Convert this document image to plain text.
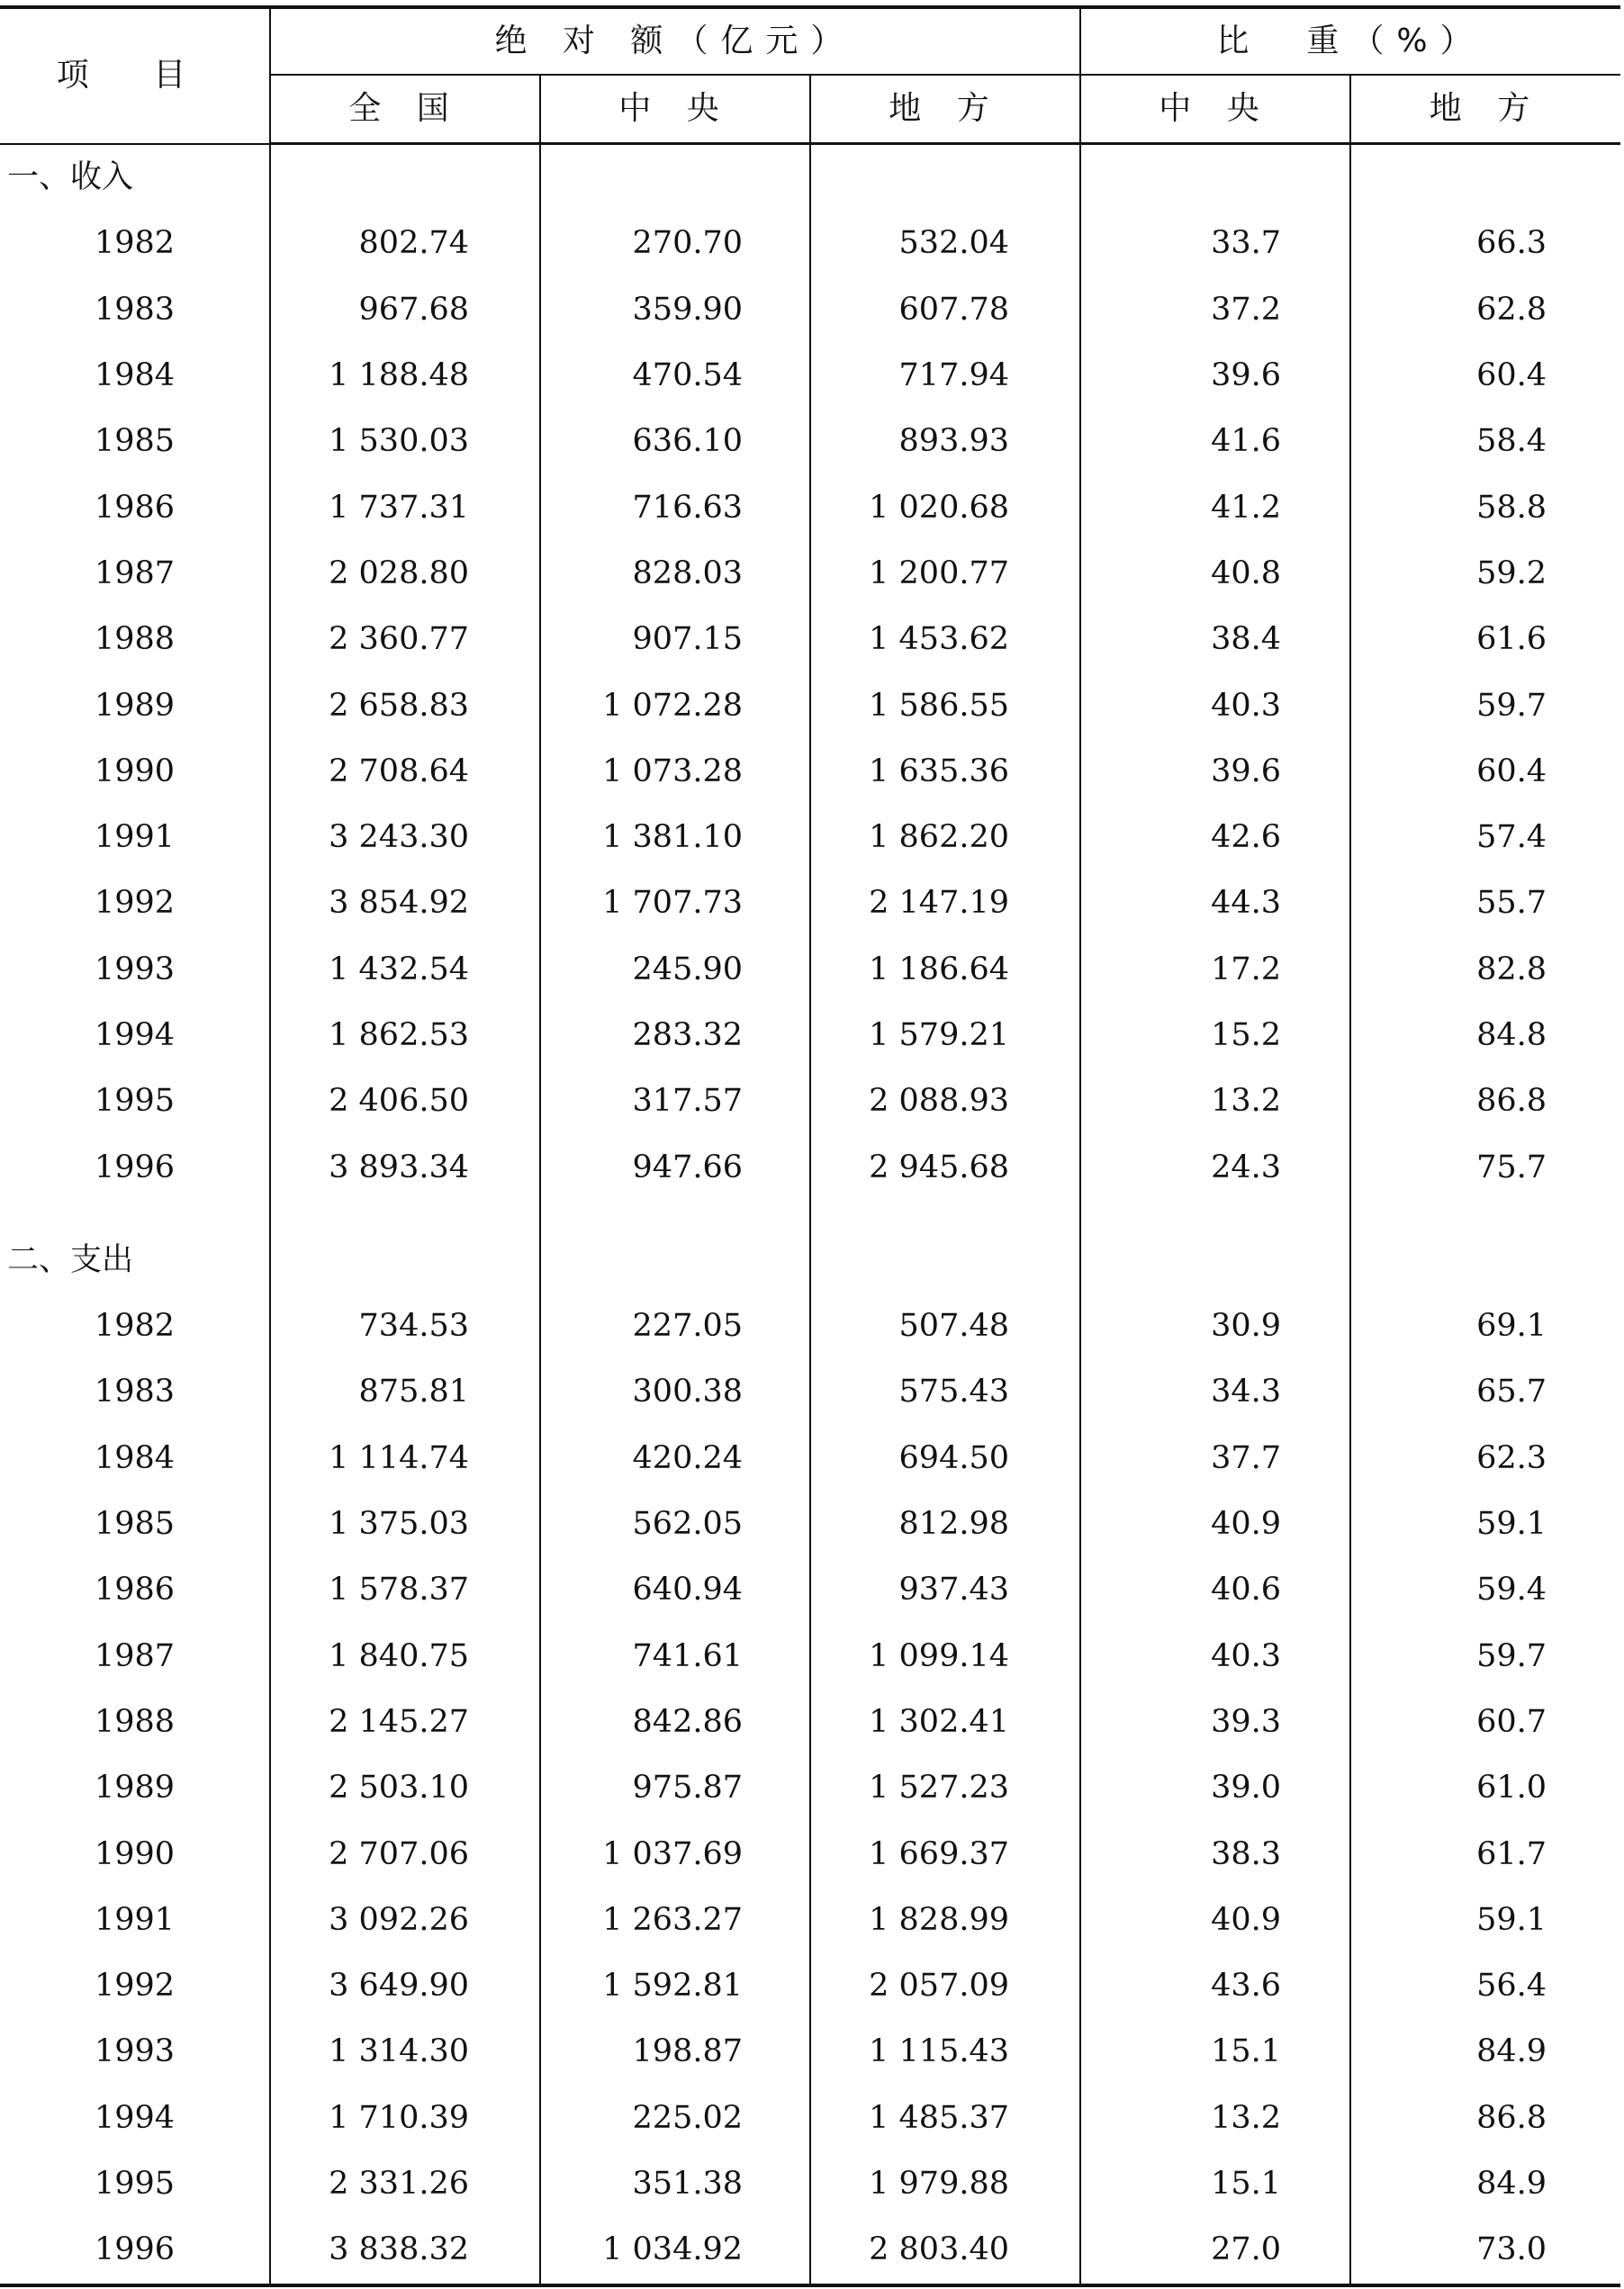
项 目	绝 对 额（亿元）			比　重（%）	
	全 国	中 央	地 方	中 央	地 方
一、收入					
1982	802.74	270.70	532.04	33.7	66.3
1983	967.68	359.90	607.78	37.2	62.8
1984	1 188.48	470.54	717.94	39.6	60.4
1985	1 530.03	636.10	893.93	41.6	58.4
1986	1 737.31	716.63	1 020.68	41.2	58.8
1987	2 028.80	828.03	1 200.77	40.8	59.2
1988	2 360.77	907.15	1 453.62	38.4	61.6
1989	2 658.83	1 072.28	1 586.55	40.3	59.7
1990	2 708.64	1 073.28	1 635.36	39.6	60.4
1991	3 243.30	1 381.10	1 862.20	42.6	57.4
1992	3 854.92	1 707.73	2 147.19	44.3	55.7
1993	1 432.54	245.90	1 186.64	17.2	82.8
1994	1 862.53	283.32	1 579.21	15.2	84.8
1995	2 406.50	317.57	2 088.93	13.2	86.8
1996	3 893.34	947.66	2 945.68	24.3	75.7

二、支出					
1982	734.53	227.05	507.48	30.9	69.1
1983	875.81	300.38	575.43	34.3	65.7
1984	1 114.74	420.24	694.50	37.7	62.3
1985	1 375.03	562.05	812.98	40.9	59.1
1986	1 578.37	640.94	937.43	40.6	59.4
1987	1 840.75	741.61	1 099.14	40.3	59.7
1988	2 145.27	842.86	1 302.41	39.3	60.7
1989	2 503.10	975.87	1 527.23	39.0	61.0
1990	2 707.06	1 037.69	1 669.37	38.3	61.7
1991	3 092.26	1 263.27	1 828.99	40.9	59.1
1992	3 649.90	1 592.81	2 057.09	43.6	56.4
1993	1 314.30	198.87	1 115.43	15.1	84.9
1994	1 710.39	225.02	1 485.37	13.2	86.8
1995	2 331.26	351.38	1 979.88	15.1	84.9
1996	3 838.32	1 034.92	2 803.40	27.0	73.0
